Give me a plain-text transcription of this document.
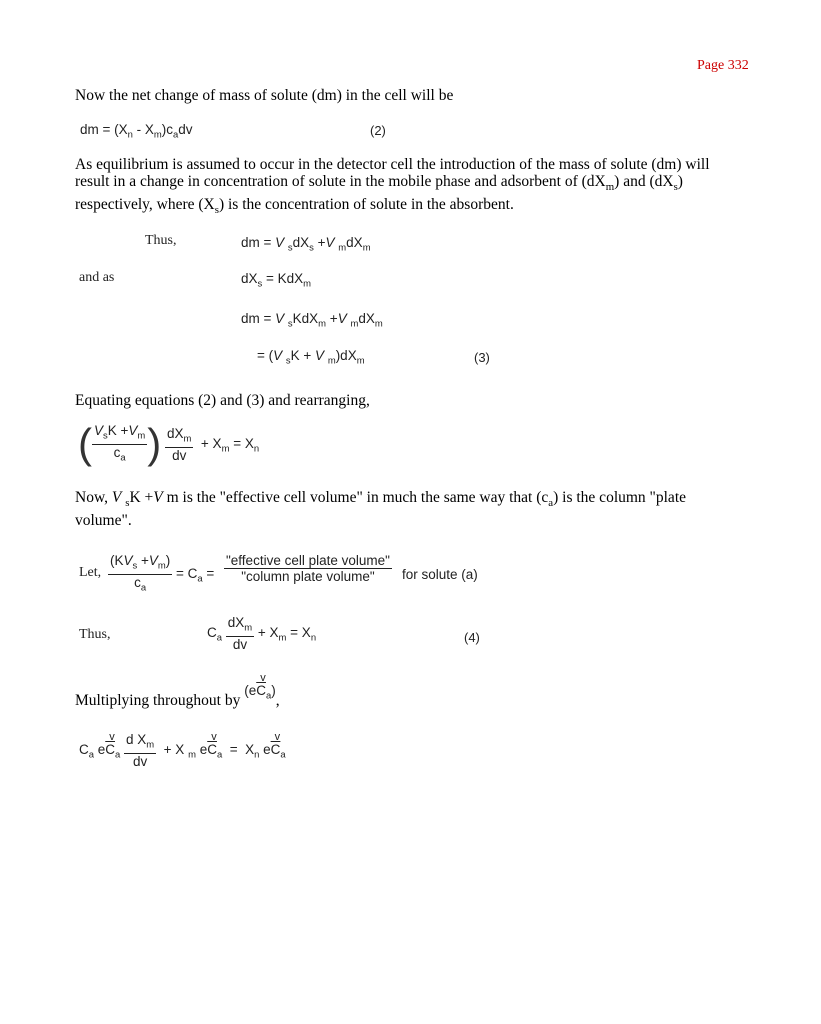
Page 332
Now the net change of mass of solute (dm) in the cell will be
dm = $(X_n - X_m)c_adv$	(2)
As equilibrium is assumed to occur in the detector cell the introduction of the mass of solute (dm) will result in a change in concentration of solute in the mobile phase and adsorbent of $(dX_m)$ and $(dX_s)$ respectively, where $(X_s)$ is the concentration of solute in the absorbent.
Thus,	dm = V $_sdX_s +V$ $_mdX_m$
and as	$dX_s = KdX_m$
dm = V $_s$KdX$_m$ +V $_mdX_m$
= (V $_s$K + V $_m)dX_m$	(3)
Equating equations (2) and (3) and rearranging,
( $\frac{V_sK +V_m}{c_a}$ ) $\frac{dX_m}{dv} + X_m = X_n$
Now, V $_s$K +V m is the "effective cell volume" in much the same way that $(c_a)$ is the column "plate volume".
Let, $\frac{(KV_s +V_m)}{c_a} = C_a = \frac{\text{"effective cell plate volume"}}{\text{"column plate volume"}}$ for solute (a)
Thus,	$C_a \frac{dX_m}{dv} + X_m = X_n$	(4)
Multiplying throughout by (e
v
$\overline{C}_a$),
$C_a$ e
v
$\overline{C}_a \frac{d X_m}{dv} + X$ $_m$ e
v
$\overline{C}_a = X_n$ e
v
$\overline{C}_a$
